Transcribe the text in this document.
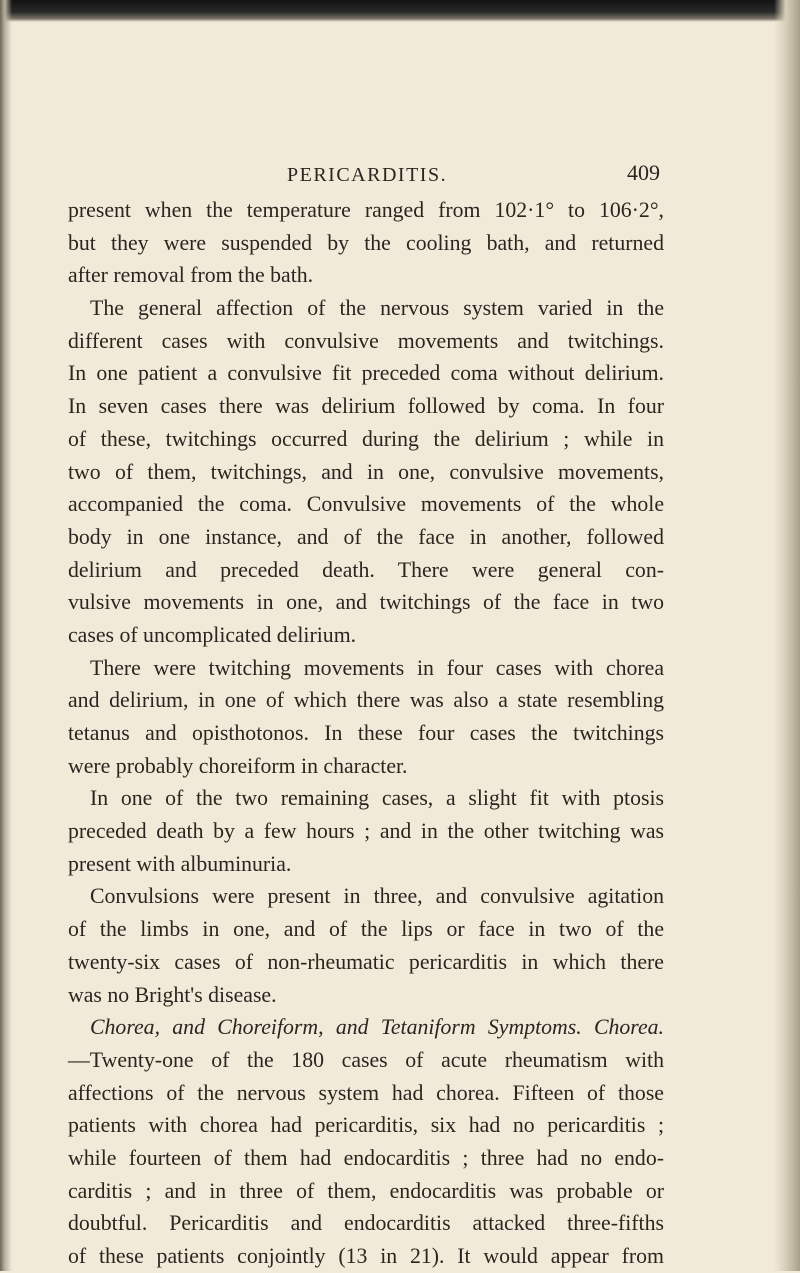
PERICARDITIS.	409
present when the temperature ranged from 102·1° to 106·2°,
but they were suspended by the cooling bath, and returned
after removal from the bath.
The general affection of the nervous system varied in the
different cases with convulsive movements and twitchings.
In one patient a convulsive fit preceded coma without delirium.
In seven cases there was delirium followed by coma. In four
of these, twitchings occurred during the delirium ; while in
two of them, twitchings, and in one, convulsive movements,
accompanied the coma. Convulsive movements of the whole
body in one instance, and of the face in another, followed
delirium and preceded death. There were general con-
vulsive movements in one, and twitchings of the face in two
cases of uncomplicated delirium.
There were twitching movements in four cases with chorea
and delirium, in one of which there was also a state resembling
tetanus and opisthotonos. In these four cases the twitchings
were probably choreiform in character.
In one of the two remaining cases, a slight fit with ptosis
preceded death by a few hours ; and in the other twitching was
present with albuminuria.
Convulsions were present in three, and convulsive agitation
of the limbs in one, and of the lips or face in two of the
twenty-six cases of non-rheumatic pericarditis in which there
was no Bright's disease.
Chorea, and Choreiform, and Tetaniform Symptoms. Chorea.
—Twenty-one of the 180 cases of acute rheumatism with
affections of the nervous system had chorea. Fifteen of those
patients with chorea had pericarditis, six had no pericarditis ;
while fourteen of them had endocarditis ; three had no endo-
carditis ; and in three of them, endocarditis was probable or
doubtful. Pericarditis and endocarditis attacked three-fifths
of these patients conjointly (13 in 21). It would appear from
